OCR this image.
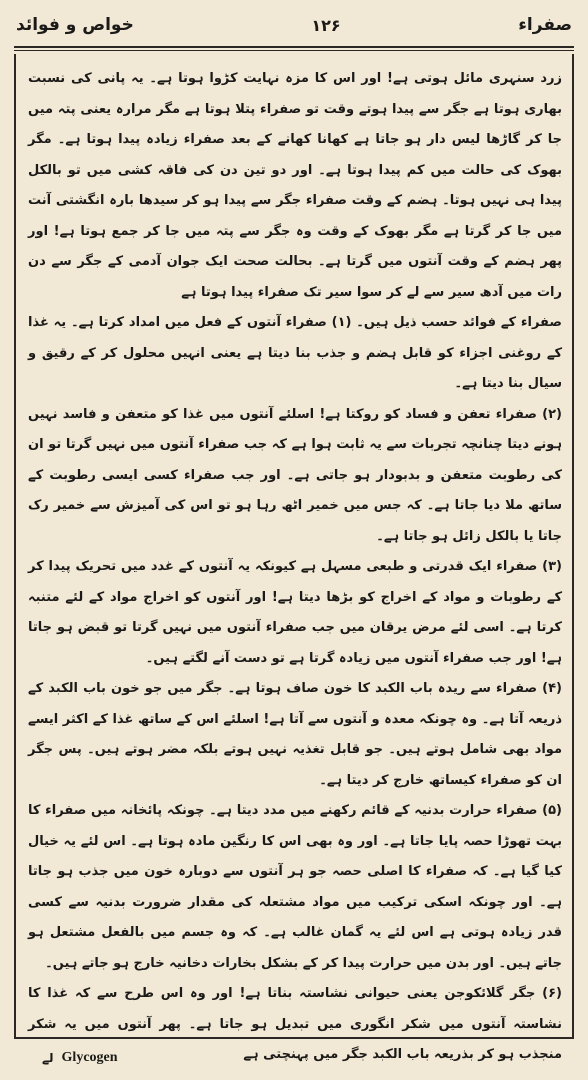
صفراء
۱۲۶
خواص و فوائد

زرد سنہری مائل ہوتی ہے! اور اس کا مزہ نہایت کڑوا ہوتا ہے۔ یہ پانی کی نسبت بھاری ہوتا ہے جگر سے پیدا ہوتے وقت تو صفراء پتلا ہوتا ہے مگر مرارہ یعنی پتہ میں جا کر گاڑھا لیس دار ہو جاتا ہے کھانا کھانے کے بعد صفراء زیادہ پیدا ہوتا ہے۔ مگر بھوک کی حالت میں کم پیدا ہوتا ہے۔ اور دو تین دن کی فاقہ کشی میں تو بالکل پیدا ہی نہیں ہوتا۔ ہضم کے وقت صفراء جگر سے پیدا ہو کر سیدھا بارہ انگشتی آنت میں جا کر گرتا ہے مگر بھوک کے وقت وہ جگر سے پتہ میں جا کر جمع ہوتا ہے! اور پھر ہضم کے وقت آنتوں میں گرتا ہے۔ بحالت صحت ایک جوان آدمی کے جگر سے دن رات میں آدھ سیر سے لے کر سوا سیر تک صفراء پیدا ہوتا ہے

صفراء کے فوائد حسب ذیل ہیں۔ (۱) صفراء آنتوں کے فعل میں امداد کرتا ہے۔ یہ غذا کے روغنی اجزاء کو قابل ہضم و جذب بنا دیتا ہے یعنی انہیں محلول کر کے رقیق و سیال بنا دیتا ہے۔

(۲) صفراء تعفن و فساد کو روکتا ہے! اسلئے آنتوں میں غذا کو متعفن و فاسد نہیں ہونے دیتا چنانچہ تجربات سے یہ ثابت ہوا ہے کہ جب صفراء آنتوں میں نہیں گرتا تو ان کی رطوبت متعفن و بدبودار ہو جاتی ہے۔ اور جب صفراء کسی ایسی رطوبت کے ساتھ ملا دیا جاتا ہے۔ کہ جس میں خمیر اٹھ رہا ہو تو اس کی آمیزش سے خمیر رک جاتا یا بالکل زائل ہو جاتا ہے۔

(۳) صفراء ایک قدرتی و طبعی مسہل ہے کیونکہ یہ آنتوں کے غدد میں تحریک پیدا کر کے رطوبات و مواد کے اخراج کو بڑھا دیتا ہے! اور آنتوں کو اخراج مواد کے لئے متنبہ کرتا ہے۔ اسی لئے مرض یرقان میں جب صفراء آنتوں میں نہیں گرتا تو قبض ہو جاتا ہے! اور جب صفراء آنتوں میں زیادہ گرتا ہے تو دست آنے لگتے ہیں۔

(۴) صفراء سے ریدہ باب الکبد کا خون صاف ہوتا ہے۔ جگر میں جو خون باب الکبد کے ذریعہ آتا ہے۔ وہ چونکہ معدہ و آنتوں سے آتا ہے! اسلئے اس کے ساتھ غذا کے اکثر ایسے مواد بھی شامل ہوتے ہیں۔ جو قابل تغذیہ نہیں ہوتے بلکہ مضر ہوتے ہیں۔ پس جگر ان کو صفراء کیساتھ خارج کر دیتا ہے۔

(۵) صفراء حرارت بدنیہ کے قائم رکھنے میں مدد دیتا ہے۔ چونکہ پائخانہ میں صفراء کا بہت تھوڑا حصہ پایا جاتا ہے۔ اور وہ بھی اس کا رنگین مادہ ہوتا ہے۔ اس لئے یہ خیال کیا گیا ہے۔ کہ صفراء کا اصلی حصہ جو ہر آنتوں سے دوبارہ خون میں جذب ہو جاتا ہے۔ اور چونکہ اسکی ترکیب میں مواد مشتعلہ کی مقدار ضرورت بدنیہ سے کسی قدر زیادہ ہوتی ہے اس لئے یہ گمان غالب ہے۔ کہ وہ جسم میں بالفعل مشتعل ہو جاتے ہیں۔ اور بدن میں حرارت پیدا کر کے بشکل بخارات دخانیہ خارج ہو جاتے ہیں۔

(۶) جگر گلائکوجن یعنی حیوانی نشاستہ بناتا ہے! اور وہ اس طرح سے کہ غذا کا نشاستہ آنتوں میں شکر انگوری میں تبدیل ہو جاتا ہے۔ پھر آنتوں میں یہ شکر منجذب ہو کر بذریعہ باب الکبد جگر میں پہنچتی ہے

لے Glycogen
